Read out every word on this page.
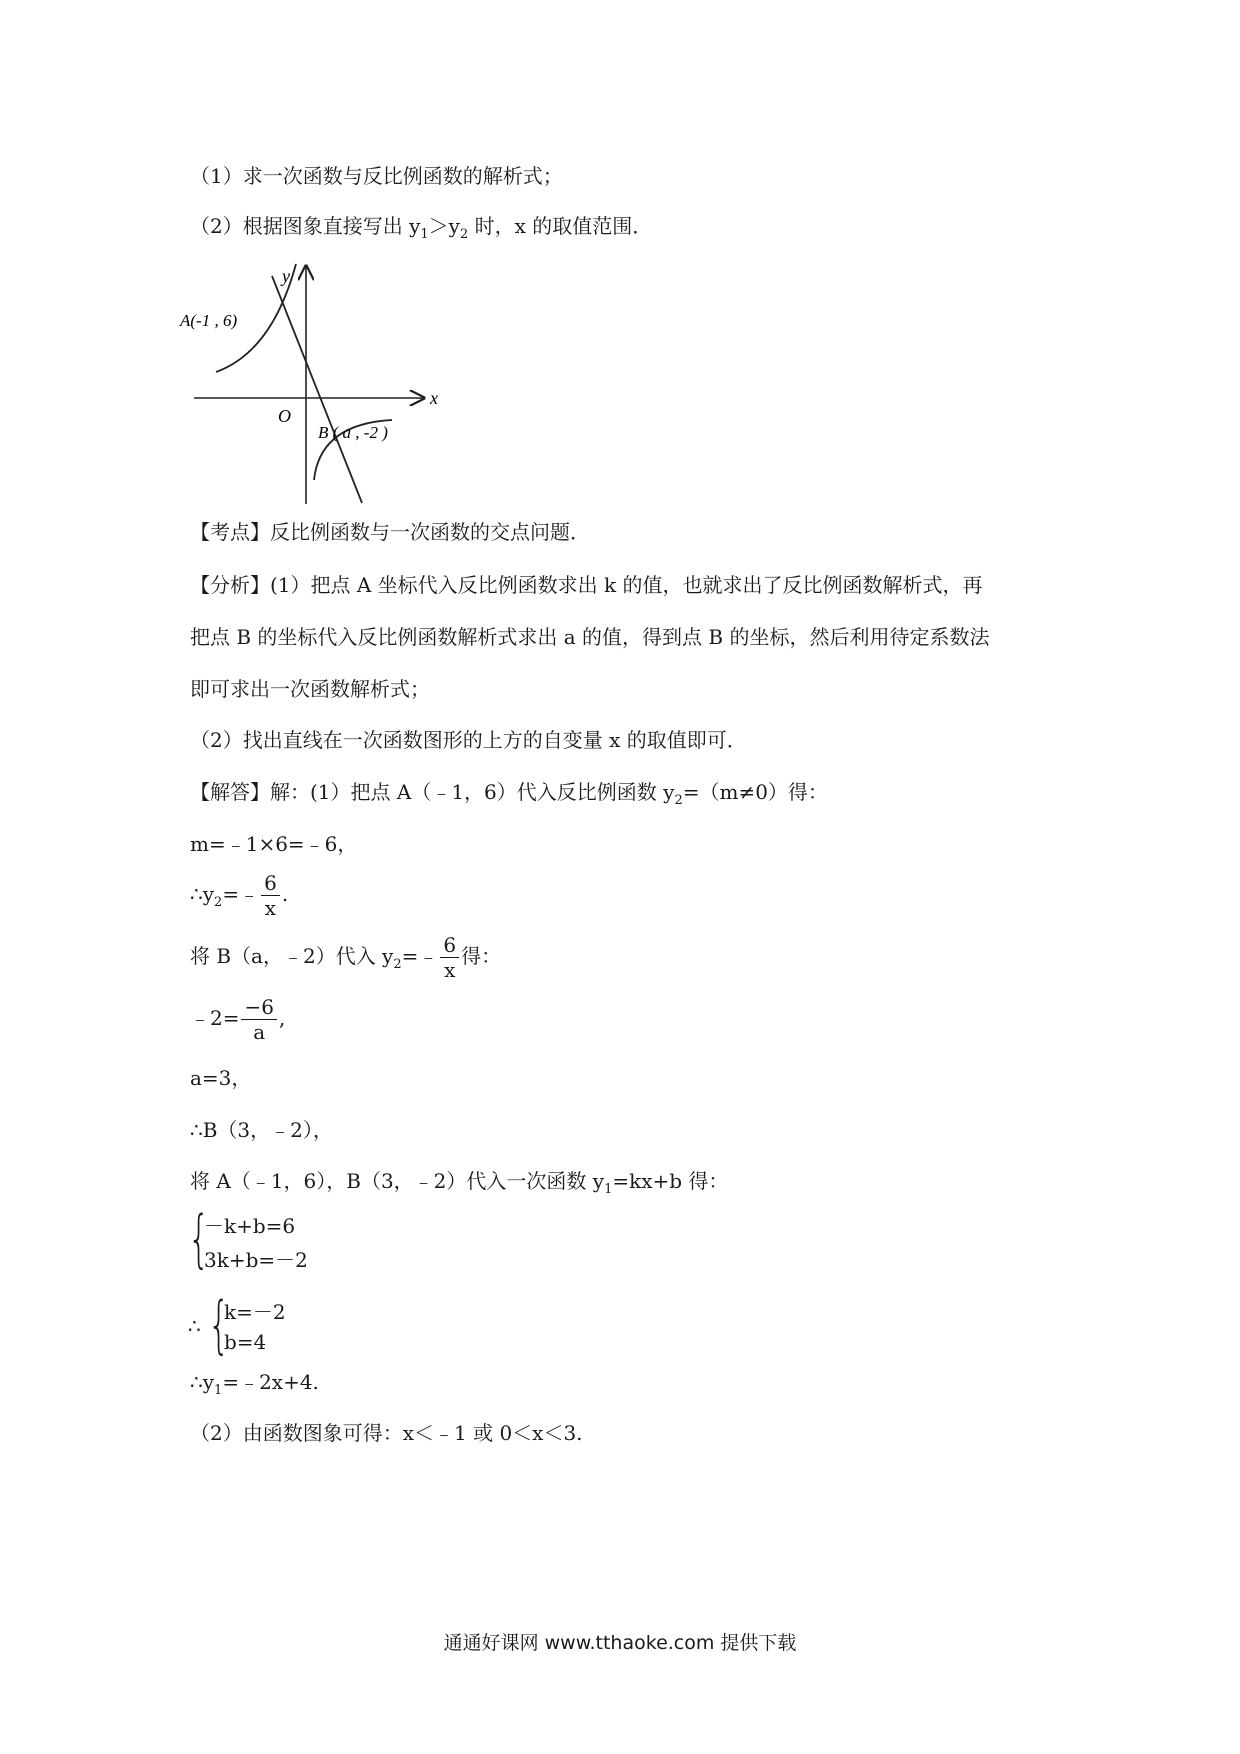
（1）求一次函数与反比例函数的解析式；
（2）根据图象直接写出 $y_1>y_2$ 时，x 的取值范围．
y
x
O
A(-1 , 6)
B ( a , -2 )
【考点】反比例函数与一次函数的交点问题．
【分析】(1）把点 A 坐标代入反比例函数求出 k 的值，也就求出了反比例函数解析式，再
把点 B 的坐标代入反比例函数解析式求出 a 的值，得到点 B 的坐标，然后利用待定系数法
即可求出一次函数解析式；
（2）找出直线在一次函数图形的上方的自变量 x 的取值即可．
【解答】解：(1）把点 A（﹣1，6）代入反比例函数 $y_2=(m\ne 0)$得：
m=﹣1×6=﹣6，
$\therefore y_2=﹣ \frac{6}{x}$ .
将 B（a，﹣2）代入 $y_2=﹣ \frac{6}{x}$ 得：
﹣2= $\frac{-6}{a}$ ,
a=3，
∴B（3，﹣2），
将 A（﹣1，6），B（3，﹣2）代入一次函数 $y_1=kx+b$ 得：
{
－k+b=6
3k+b=－2
∴ {
k=－2
b=4
$\therefore y_1=﹣2x+4$.
（2）由函数图象可得：x＜﹣1 或 0＜x＜3.
通通好课网 www.tthaoke.com 提供下载
